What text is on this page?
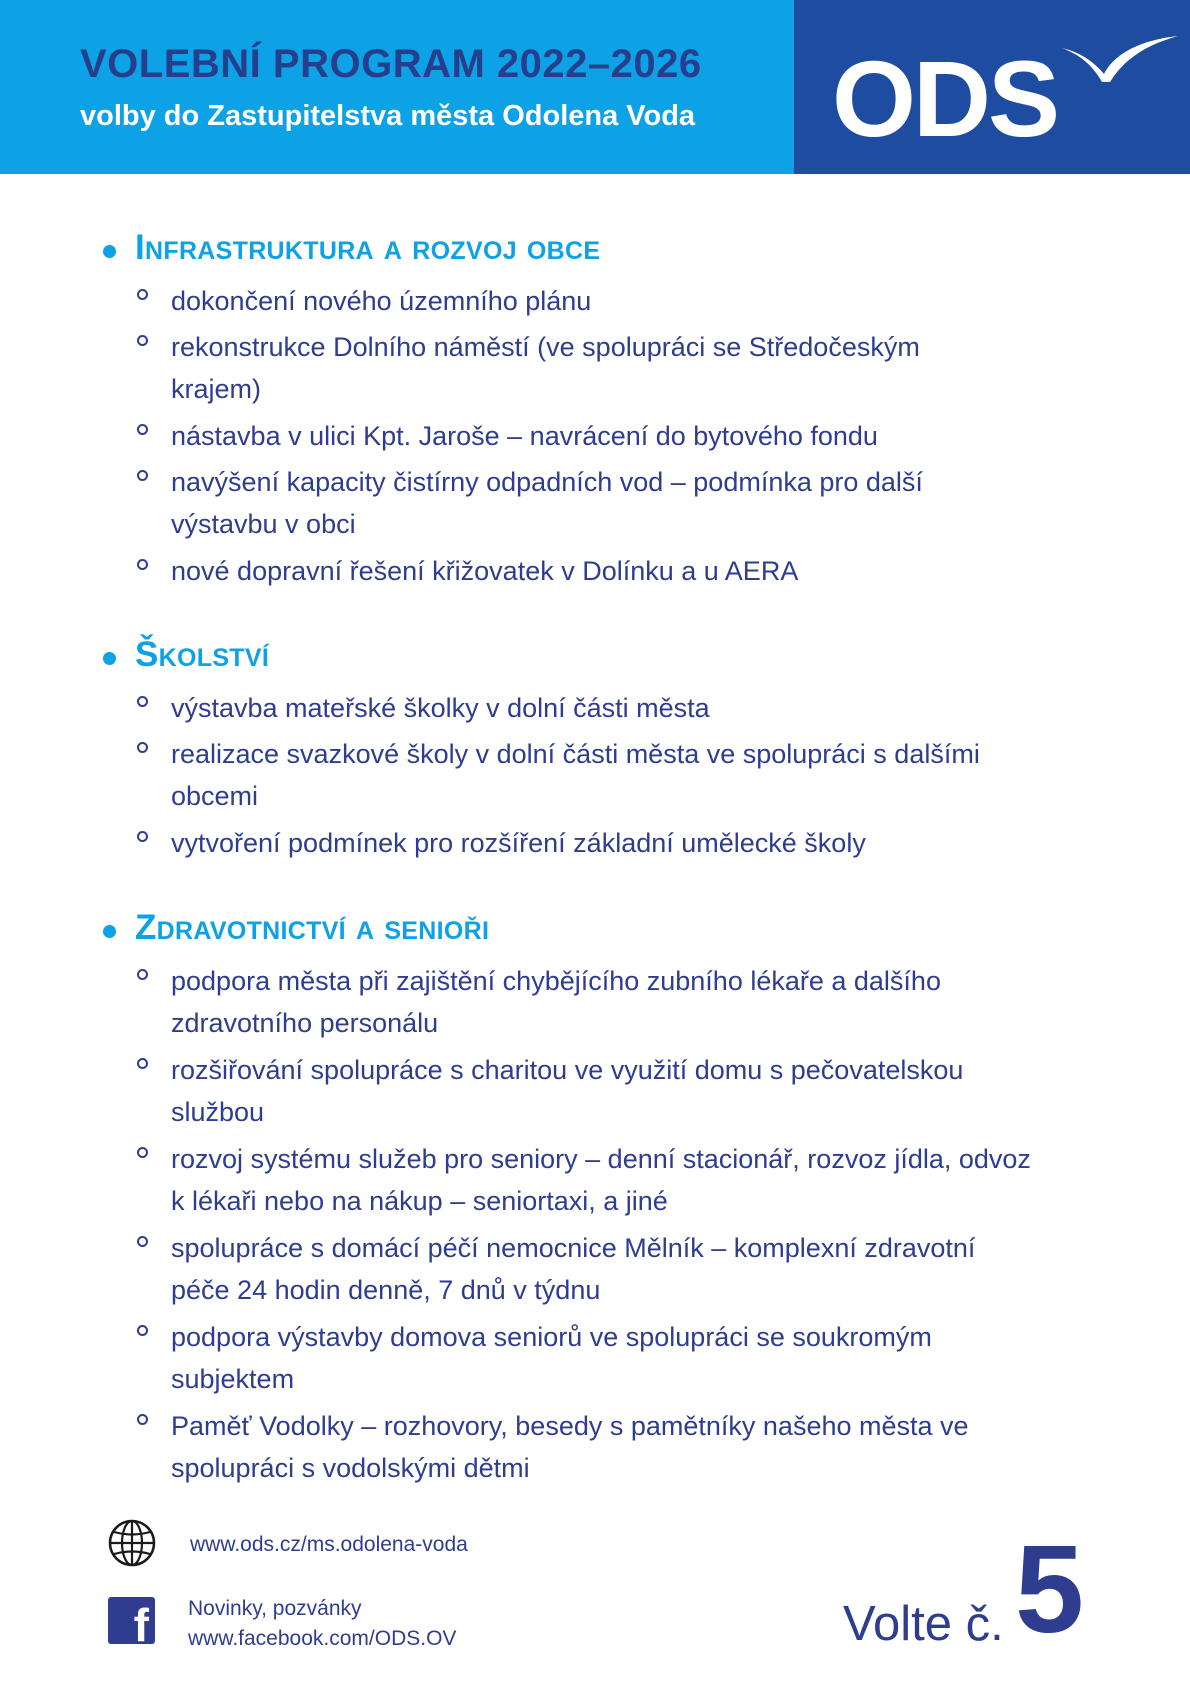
VOLEBNÍ PROGRAM 2022–2026
volby do Zastupitelstva města Odolena Voda ODS
Infrastruktura a rozvoj obce
dokončení nového územního plánu
rekonstrukce Dolního náměstí (ve spolupráci se Středočeským krajem)
nástavba v ulici Kpt. Jaroše – navrácení do bytového fondu
navýšení kapacity čistírny odpadních vod – podmínka pro další výstavbu v obci
nové dopravní řešení křižovatek v Dolínku a u AERA
Školství
výstavba mateřské školky v dolní části města
realizace svazkové školy v dolní části města ve spolupráci s dalšími obcemi
vytvoření podmínek pro rozšíření základní umělecké školy
Zdravotnictví a senioři
podpora města při zajištění chybějícího zubního lékaře a dalšího zdravotního personálu
rozšiřování spolupráce s charitou ve využití domu s pečovatelskou službou
rozvoj systému služeb pro seniory – denní stacionář, rozvoz jídla, odvoz k lékaři nebo na nákup – seniortaxi, a jiné
spolupráce s domácí péčí nemocnice Mělník – komplexní zdravotní péče 24 hodin denně, 7 dnů v týdnu
podpora výstavby domova seniorů ve spolupráci se soukromým subjektem
Paměť Vodolky – rozhovory, besedy s pamětníky našeho města ve spolupráci s vodolskými dětmi
www.ods.cz/ms.odolena-voda
f Novinky, pozvánky
www.facebook.com/ODS.OV	Volte č. 5
